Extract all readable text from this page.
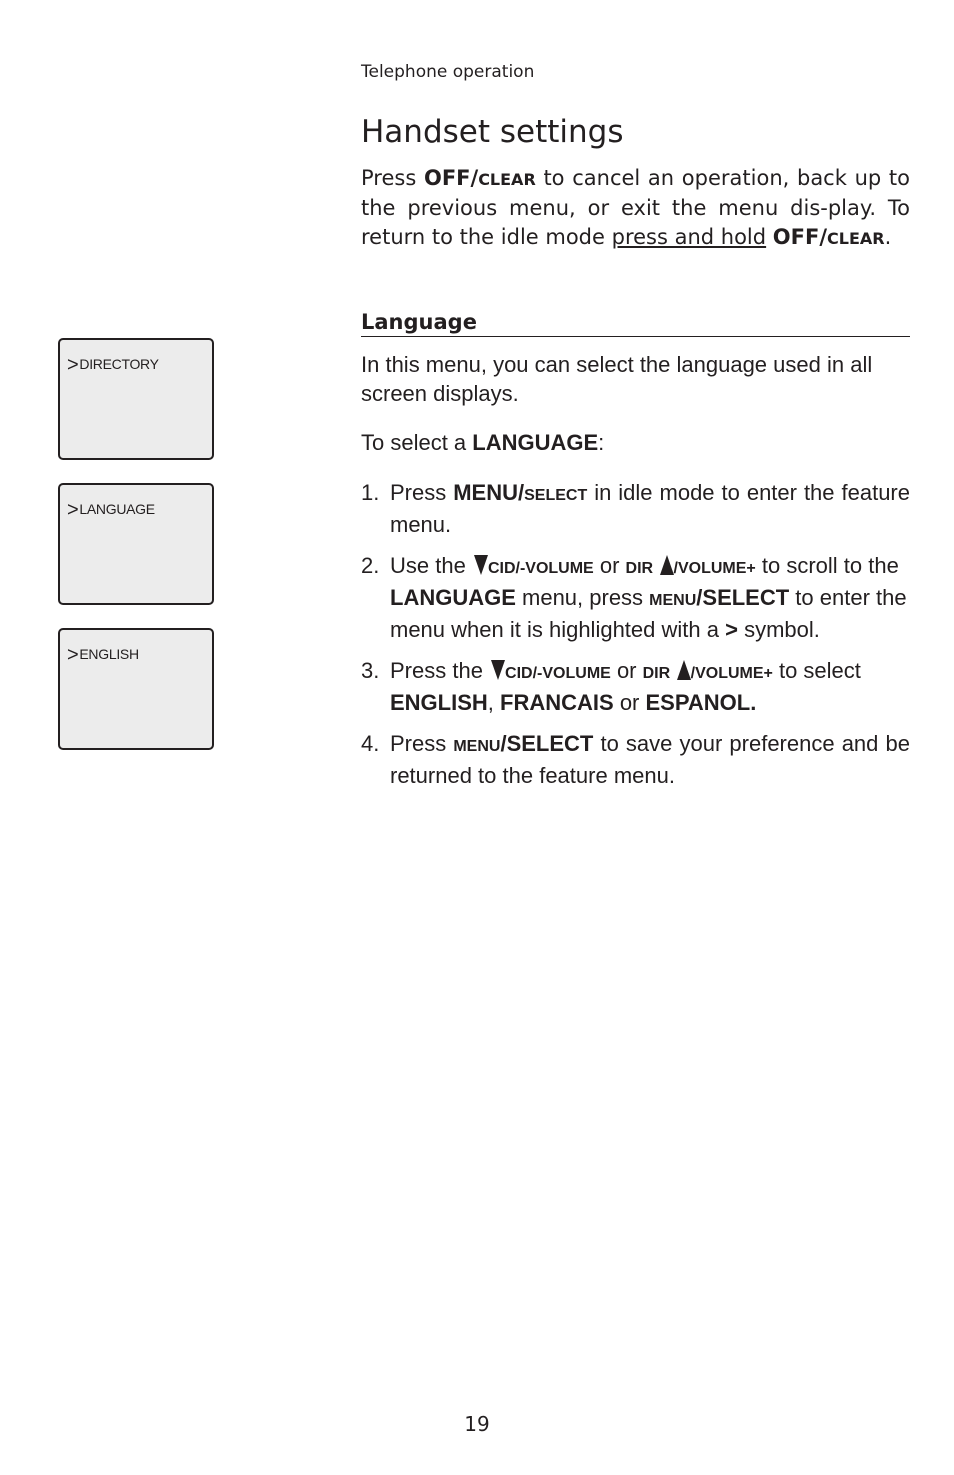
Telephone operation
Handset settings

Press OFF/CLEAR to cancel an operation, back up to the previous menu, or exit the menu dis-play. To return to the idle mode press and hold OFF/CLEAR.

Language

In this menu, you can select the language used in all screen displays.

To select a LANGUAGE:

1. Press MENU/SELECT in idle mode to enter the feature menu.
2. Use the CID/-VOLUME or DIR /VOLUME+ to scroll to the LANGUAGE menu, press MENU/SELECT to enter the menu when it is highlighted with a > symbol.
3. Press the CID/-VOLUME or DIR /VOLUME+ to select ENGLISH, FRANCAIS or ESPANOL.
4. Press MENU/SELECT to save your preference and be returned to the feature menu.
>DIRECTORY
>LANGUAGE
>ENGLISH
19
